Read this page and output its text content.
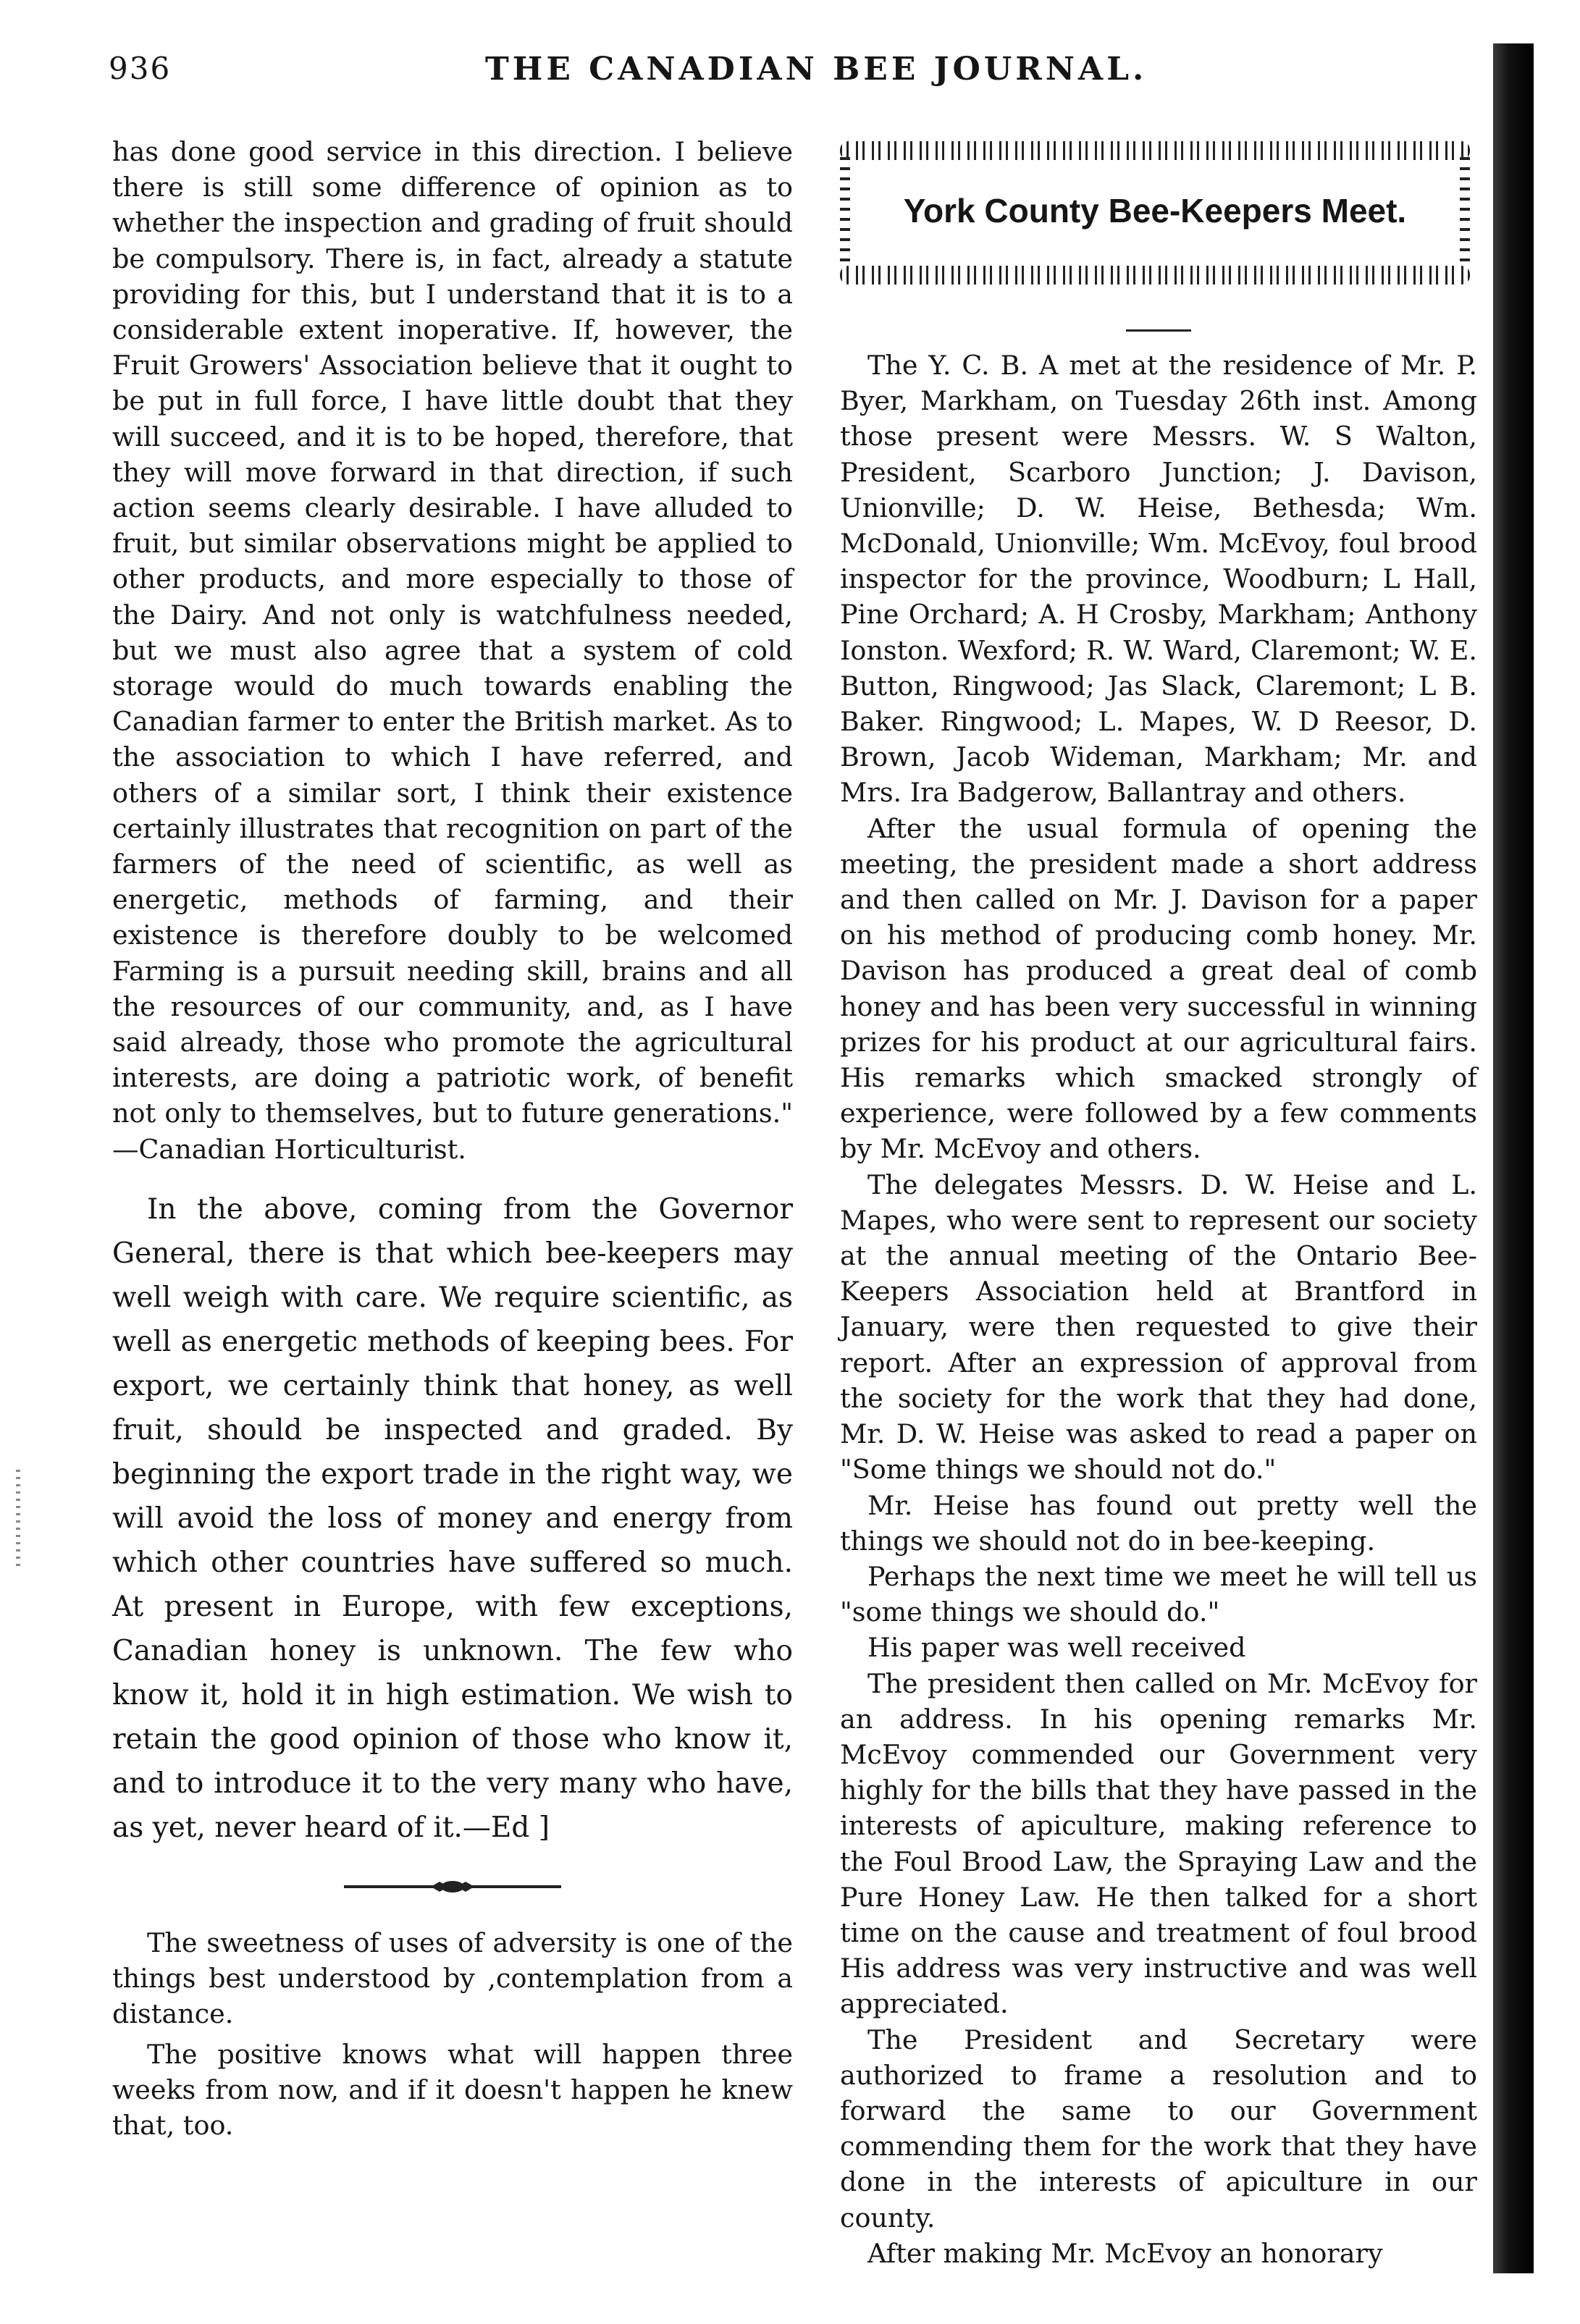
936	THE CANADIAN BEE JOURNAL.

has done good service in this direction. I believe there is still some difference of opinion as to whether the inspection and grading of fruit should be compulsory. There is, in fact, already a statute providing for this, but I understand that it is to a considerable extent inoperative. If, however, the Fruit Growers' Association believe that it ought to be put in full force, I have little doubt that they will succeed, and it is to be hoped, therefore, that they will move forward in that direction, if such action seems clearly desirable. I have alluded to fruit, but similar observations might be applied to other products, and more especially to those of the Dairy. And not only is watchfulness needed, but we must also agree that a system of cold storage would do much towards enabling the Canadian farmer to enter the British market. As to the association to which I have referred, and others of a similar sort, I think their existence certainly illustrates that recognition on part of the farmers of the need of scientific, as well as energetic, methods of farming, and their existence is therefore doubly to be welcomed Farming is a pursuit needing skill, brains and all the resources of our community, and, as I have said already, those who promote the agricultural interests, are doing a patriotic work, of benefit not only to themselves, but to future generations." —Canadian Horticulturist.

In the above, coming from the Governor General, there is that which bee-keepers may well weigh with care. We require scientific, as well as energetic methods of keeping bees. For export, we certainly think that honey, as well fruit, should be inspected and graded. By beginning the export trade in the right way, we will avoid the loss of money and energy from which other countries have suffered so much. At present in Europe, with few exceptions, Canadian honey is unknown. The few who know it, hold it in high estimation. We wish to retain the good opinion of those who know it, and to introduce it to the very many who have, as yet, never heard of it.—Ed ]

The sweetness of uses of adversity is one of the things best understood by ,contemplation from a distance.

The positive knows what will happen three weeks from now, and if it doesn't happen he knew that, too.

York County Bee-Keepers Meet.

The Y. C. B. A met at the residence of Mr. P. Byer, Markham, on Tuesday 26th inst. Among those present were Messrs. W. S Walton, President, Scarboro Junction; J. Davison, Unionville; D. W. Heise, Bethesda; Wm. McDonald, Unionville; Wm. McEvoy, foul brood inspector for the province, Woodburn; L Hall, Pine Orchard; A. H Crosby, Markham; Anthony Ionston. Wexford; R. W. Ward, Claremont; W. E. Button, Ringwood; Jas Slack, Claremont; L B. Baker. Ringwood; L. Mapes, W. D Reesor, D. Brown, Jacob Wideman, Markham; Mr. and Mrs. Ira Badgerow, Ballantray and others.

After the usual formula of opening the meeting, the president made a short address and then called on Mr. J. Davison for a paper on his method of producing comb honey. Mr. Davison has produced a great deal of comb honey and has been very successful in winning prizes for his product at our agricultural fairs. His remarks which smacked strongly of experience, were followed by a few comments by Mr. McEvoy and others.

The delegates Messrs. D. W. Heise and L. Mapes, who were sent to represent our society at the annual meeting of the Ontario Bee-Keepers Association held at Brantford in January, were then requested to give their report. After an expression of approval from the society for the work that they had done, Mr. D. W. Heise was asked to read a paper on "Some things we should not do."

Mr. Heise has found out pretty well the things we should not do in bee-keeping.

Perhaps the next time we meet he will tell us "some things we should do."

His paper was well received

The president then called on Mr. McEvoy for an address. In his opening remarks Mr. McEvoy commended our Government very highly for the bills that they have passed in the interests of apiculture, making reference to the Foul Brood Law, the Spraying Law and the Pure Honey Law. He then talked for a short time on the cause and treatment of foul brood His address was very instructive and was well appreciated.

The President and Secretary were authorized to frame a resolution and to forward the same to our Government commending them for the work that they have done in the interests of apiculture in our county.

After making Mr. McEvoy an honorary
